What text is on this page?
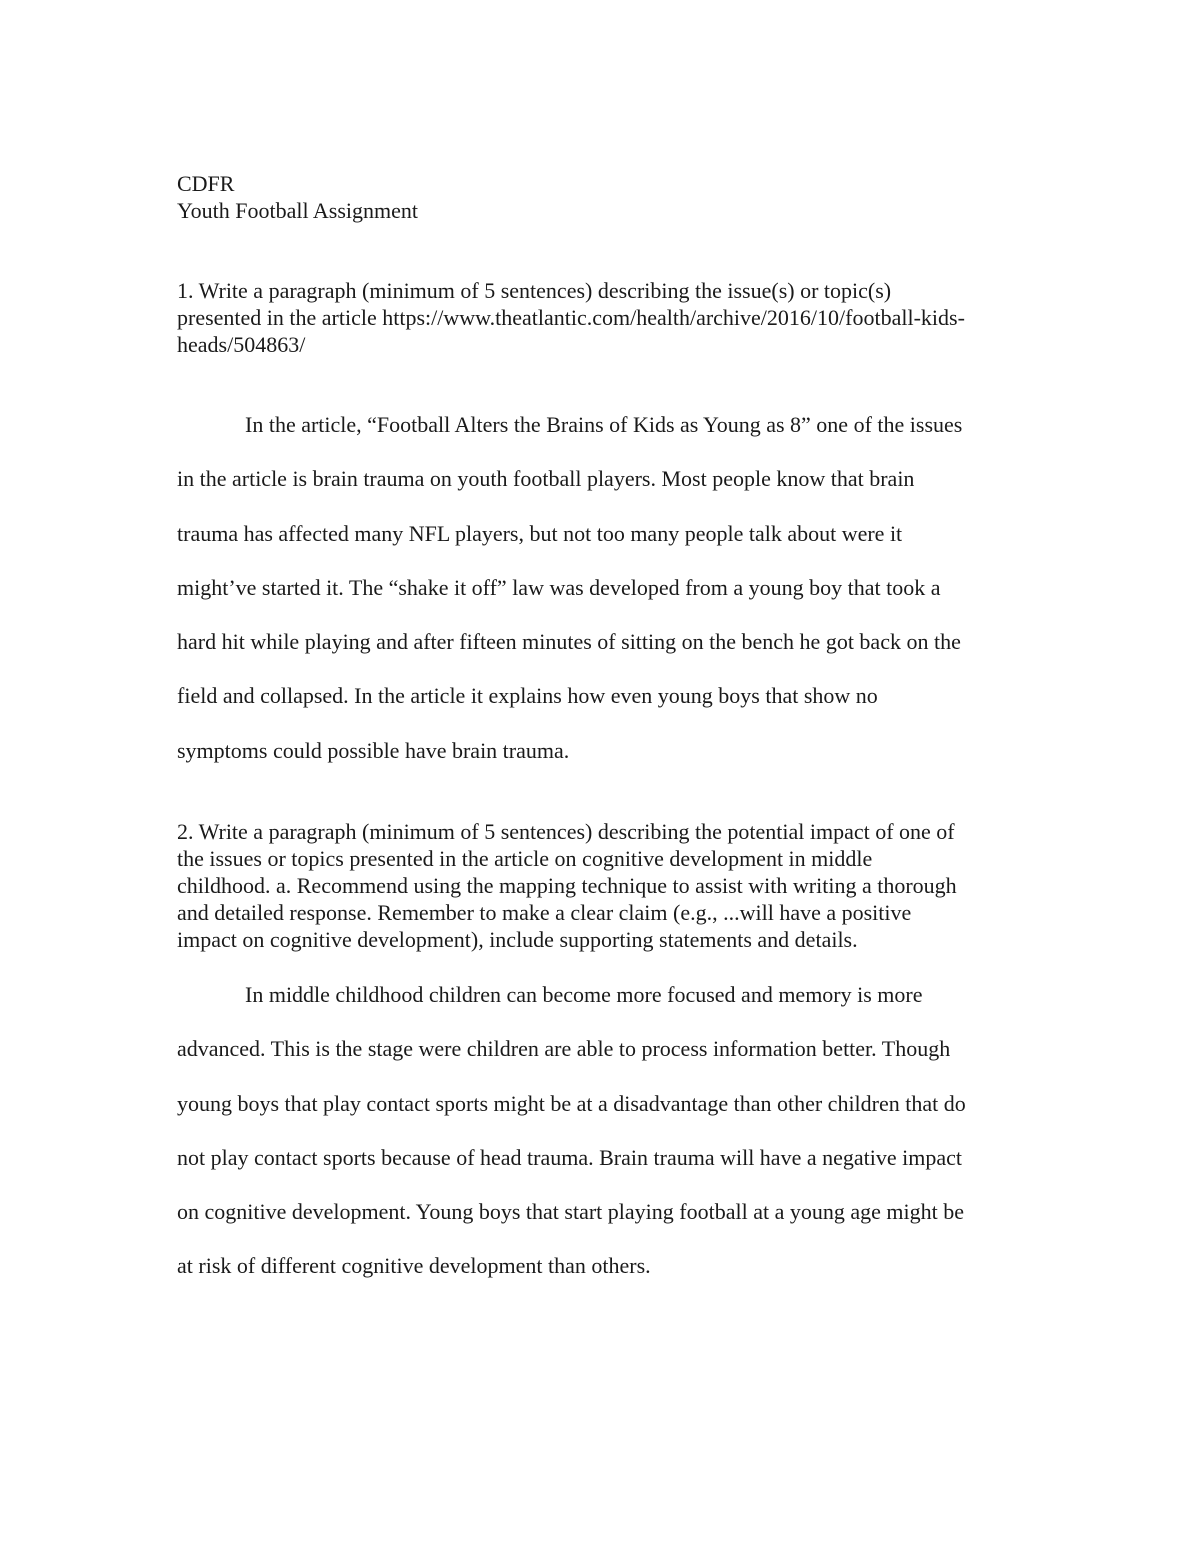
CDFR
Youth Football Assignment
1. Write a paragraph (minimum of 5 sentences) describing the issue(s) or topic(s)
presented in the article https://www.theatlantic.com/health/archive/2016/10/football-kids-
heads/504863/
In the article, “Football Alters the Brains of Kids as Young as 8” one of the issues
in the article is brain trauma on youth football players. Most people know that brain
trauma has affected many NFL players, but not too many people talk about were it
might’ve started it. The “shake it off” law was developed from a young boy that took a
hard hit while playing and after fifteen minutes of sitting on the bench he got back on the
field and collapsed. In the article it explains how even young boys that show no
symptoms could possible have brain trauma.
2. Write a paragraph (minimum of 5 sentences) describing the potential impact of one of
the issues or topics presented in the article on cognitive development in middle
childhood. a. Recommend using the mapping technique to assist with writing a thorough
and detailed response. Remember to make a clear claim (e.g., ...will have a positive
impact on cognitive development), include supporting statements and details.
In middle childhood children can become more focused and memory is more
advanced. This is the stage were children are able to process information better. Though
young boys that play contact sports might be at a disadvantage than other children that do
not play contact sports because of head trauma. Brain trauma will have a negative impact
on cognitive development. Young boys that start playing football at a young age might be
at risk of different cognitive development than others.
